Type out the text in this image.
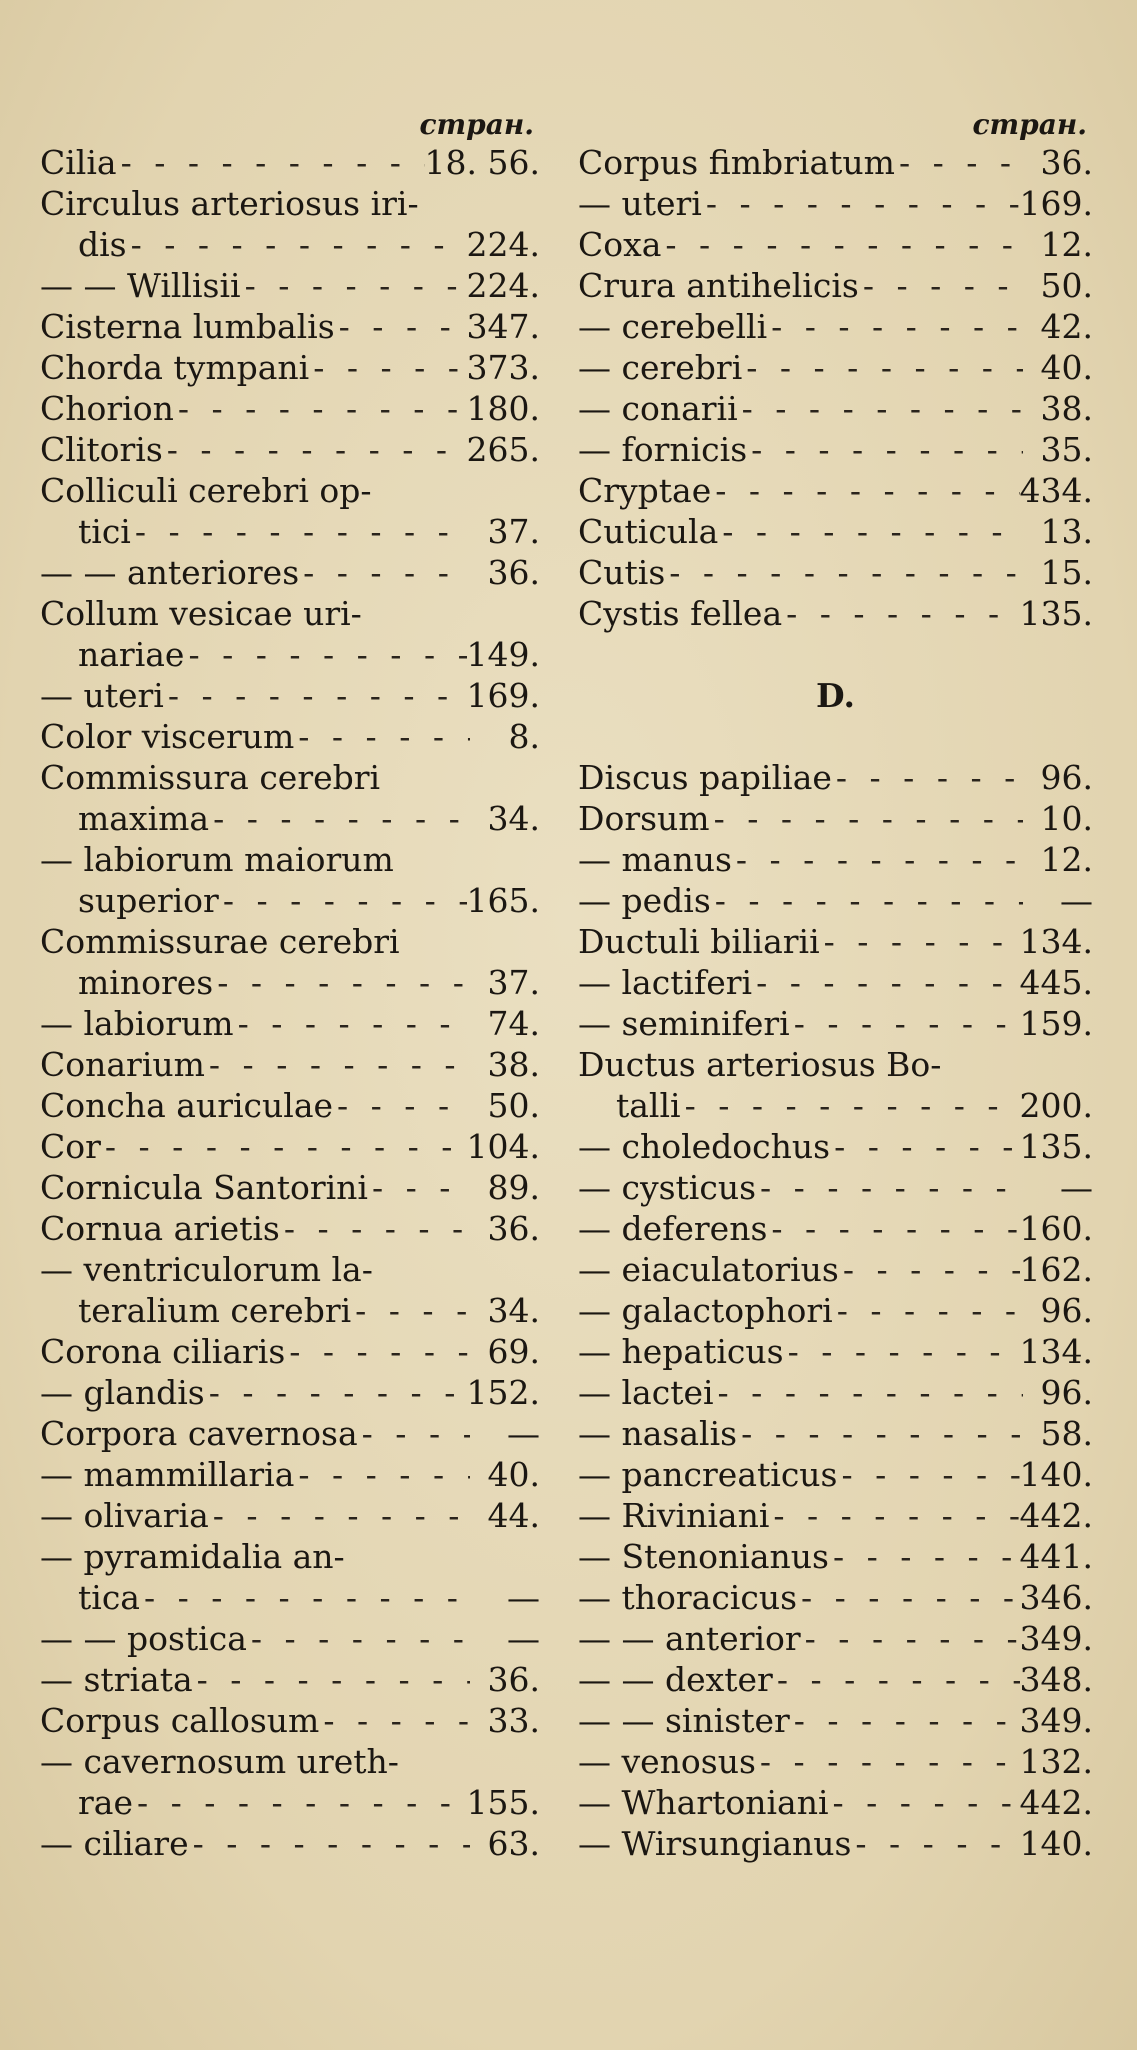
стран.
Cilia - - -	18. 56.
Circulus arteriosus iri-
dis - - -	224.
— — Willisii - - -	224.
Cisterna lumbalis - - -	347.
Chorda tympani - - -	373.
Chorion - - -	180.
Clitoris - - -	265.
Colliculi cerebri op-
tici - - -	37.
— — anteriores - - -	36.
Collum vesicae uri-
nariae - - -	149.
— uteri - - -	169.
Color viscerum - - -	8.
Commissura cerebri
maxima - - -	34.
— labiorum maiorum
superior - - -	165.
Commissurae cerebri
minores - - -	37.
— labiorum - - -	74.
Conarium - - -	38.
Concha auriculae - - -	50.
Cor - - -	104.
Cornicula Santorini - - -	89.
Cornua arietis - - -	36.
— ventriculorum la-
teralium cerebri - - -	34.
Corona ciliaris - - -	69.
— glandis - - -	152.
Corpora cavernosa - - -	—
— mammillaria - - -	40.
— olivaria - - -	44.
— pyramidalia an-
tica - - -	—
— — postica - - -	—
— striata - - -	36.
Corpus callosum - - -	33.
— cavernosum ureth-
rae - - -	155.
— ciliare - - -	63.
стран.
Corpus fimbriatum - - -	36.
— uteri - - -	169.
Coxa - - -	12.
Crura antihelicis - - -	50.
— cerebelli - - -	42.
— cerebri - - -	40.
— conarii - - -	38.
— fornicis - - -	35.
Cryptae - - -	434.
Cuticula - - -	13.
Cutis - - -	15.
Cystis fellea - - -	135.
D.
Discus papiliae - - -	96.
Dorsum - - -	10.
— manus - - -	12.
— pedis - - -	—
Ductuli biliarii - - -	134.
— lactiferi - - -	445.
— seminiferi - - -	159.
Ductus arteriosus Bo-
talli - - -	200.
— choledochus - - -	135.
— cysticus - - -	—
— deferens - - -	160.
— eiaculatorius - - -	162.
— galactophori - - -	96.
— hepaticus - - -	134.
— lactei - - -	96.
— nasalis - - -	58.
— pancreaticus - - -	140.
— Riviniani - - -	442.
— Stenonianus - - -	441.
— thoracicus - - -	346.
— — anterior - - -	349.
— — dexter - - -	348.
— — sinister - - -	349.
— venosus - - -	132.
— Whartoniani - - -	442.
— Wirsungianus - - -	140.
